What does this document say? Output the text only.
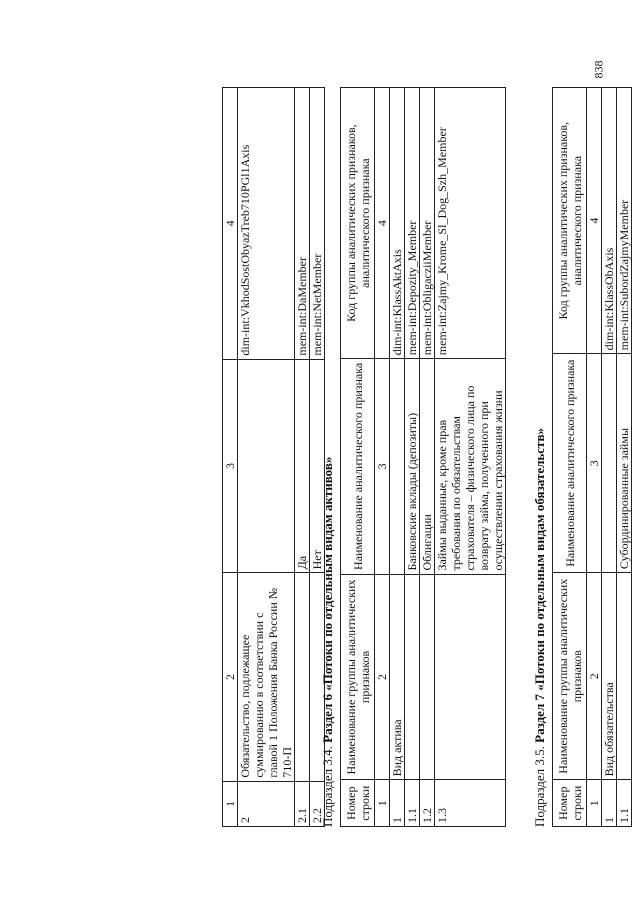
838
1	2	3	4
2	Обязательство, подлежащее суммированию в соответствии с главой 1 Положения Банка России № 710-П		dim-int:VkhodSostObyazTreb710PGl1Axis
2.1		Да	mem-int:DaMember
2.2		Нет	mem-int:NetMember
Подраздел 3.4. Раздел 6 «Потоки по отдельным видам активов»
Номер строки	Наименование группы аналитических признаков	Наименование аналитического признака	Код группы аналитических признаков, аналитического признака
1	2	3	4
1	Вид актива		dim-int:KlassAktAxis
1.1		Банковские вклады (депозиты)	mem-int:Depozity_Member
1.2		Облигации	mem-int:ObligacziiMember
1.3		Займы выданные, кроме прав требования по обязательствам страхователя – физического лица по возврату займа, полученного при осуществлении страхования жизни	mem-int:Zajmy_Krome_Sl_Dog_Szh_Member
Подраздел 3.5. Раздел 7 «Потоки по отдельным видам обязательств»
Номер строки	Наименование группы аналитических признаков	Наименование аналитического признака	Код группы аналитических признаков, аналитического признака
1	2	3	4
1	Вид обязательства		dim-int:KlassObAxis
1.1		Субординированные займы	mem-int:SubordZajmyMember
